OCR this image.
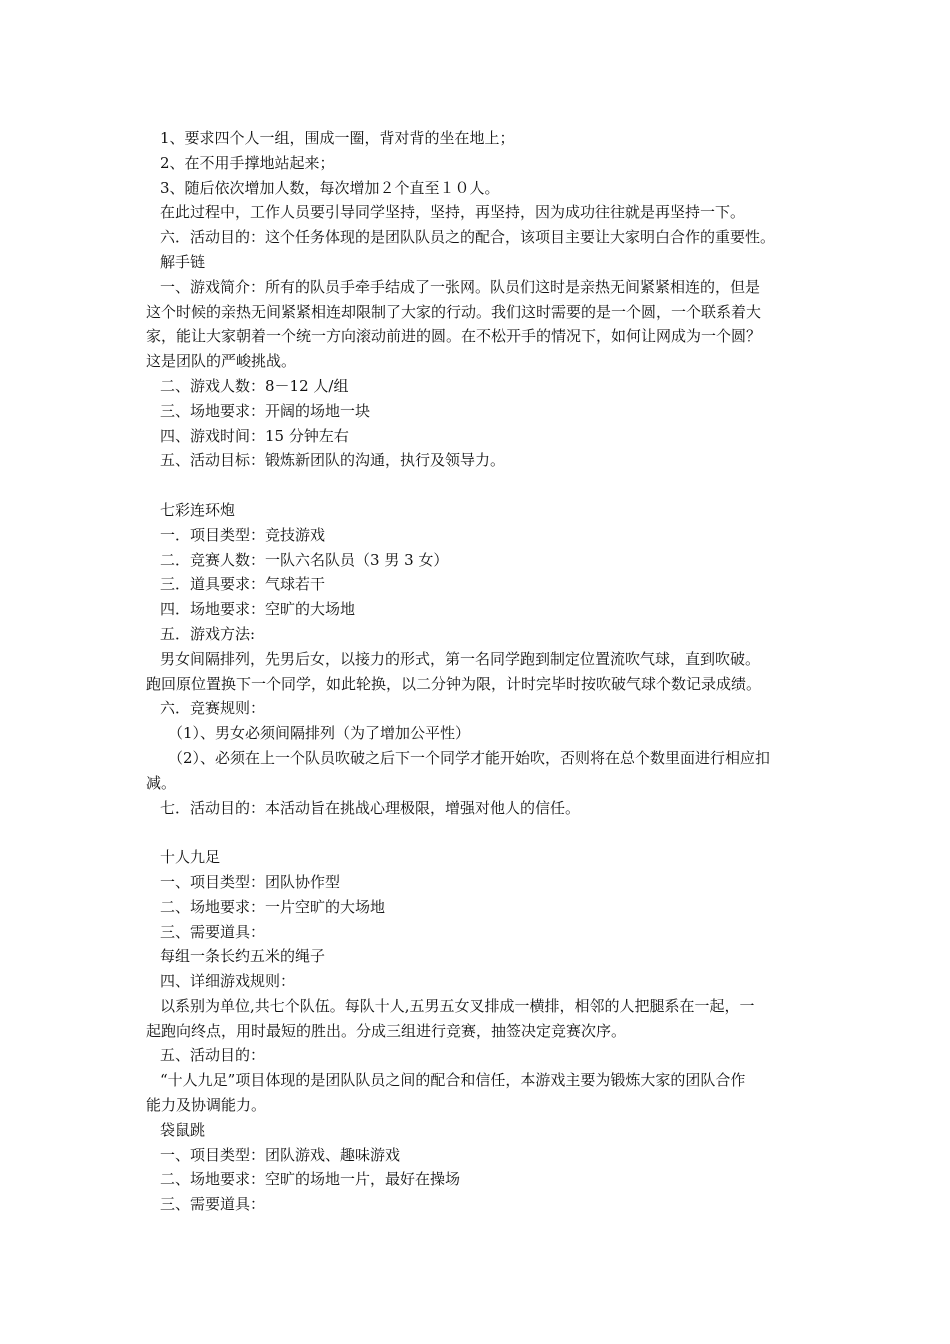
1、要求四个人一组，围成一圈，背对背的坐在地上；
2、在不用手撑地站起来；
3、随后依次增加人数，每次增加２个直至１０人。
在此过程中，工作人员要引导同学坚持，坚持，再坚持，因为成功往往就是再坚持一下。
六．活动目的：这个任务体现的是团队队员之的配合，该项目主要让大家明白合作的重要性。
解手链
一、游戏简介：所有的队员手牵手结成了一张网。队员们这时是亲热无间紧紧相连的，但是
这个时候的亲热无间紧紧相连却限制了大家的行动。我们这时需要的是一个圆，一个联系着大
家，能让大家朝着一个统一方向滚动前进的圆。在不松开手的情况下，如何让网成为一个圆？
这是团队的严峻挑战。
二、游戏人数：8－12 人/组
三、场地要求：开阔的场地一块
四、游戏时间：15 分钟左右
五、活动目标：锻炼新团队的沟通，执行及领导力。
七彩连环炮
一．项目类型：竞技游戏
二．竞赛人数：一队六名队员（3 男 3 女）
三．道具要求：气球若干
四．场地要求：空旷的大场地
五．游戏方法:
男女间隔排列，先男后女，以接力的形式，第一名同学跑到制定位置流吹气球，直到吹破。
跑回原位置换下一个同学，如此轮换，以二分钟为限，计时完毕时按吹破气球个数记录成绩。
六．竞赛规则：
（1）、男女必须间隔排列（为了增加公平性）
（2）、必须在上一个队员吹破之后下一个同学才能开始吹，否则将在总个数里面进行相应扣
减。
七．活动目的：本活动旨在挑战心理极限，增强对他人的信任。
十人九足
一、项目类型：团队协作型
二、场地要求：一片空旷的大场地
三、需要道具：
每组一条长约五米的绳子
四、详细游戏规则：
以系别为单位,共七个队伍。每队十人,五男五女叉排成一横排，相邻的人把腿系在一起，一
起跑向终点，用时最短的胜出。分成三组进行竞赛，抽签决定竞赛次序。
五、活动目的：
“十人九足”项目体现的是团队队员之间的配合和信任，本游戏主要为锻炼大家的团队合作
能力及协调能力。
袋鼠跳
一、项目类型：团队游戏、趣味游戏
二、场地要求：空旷的场地一片，最好在操场
三、需要道具：
